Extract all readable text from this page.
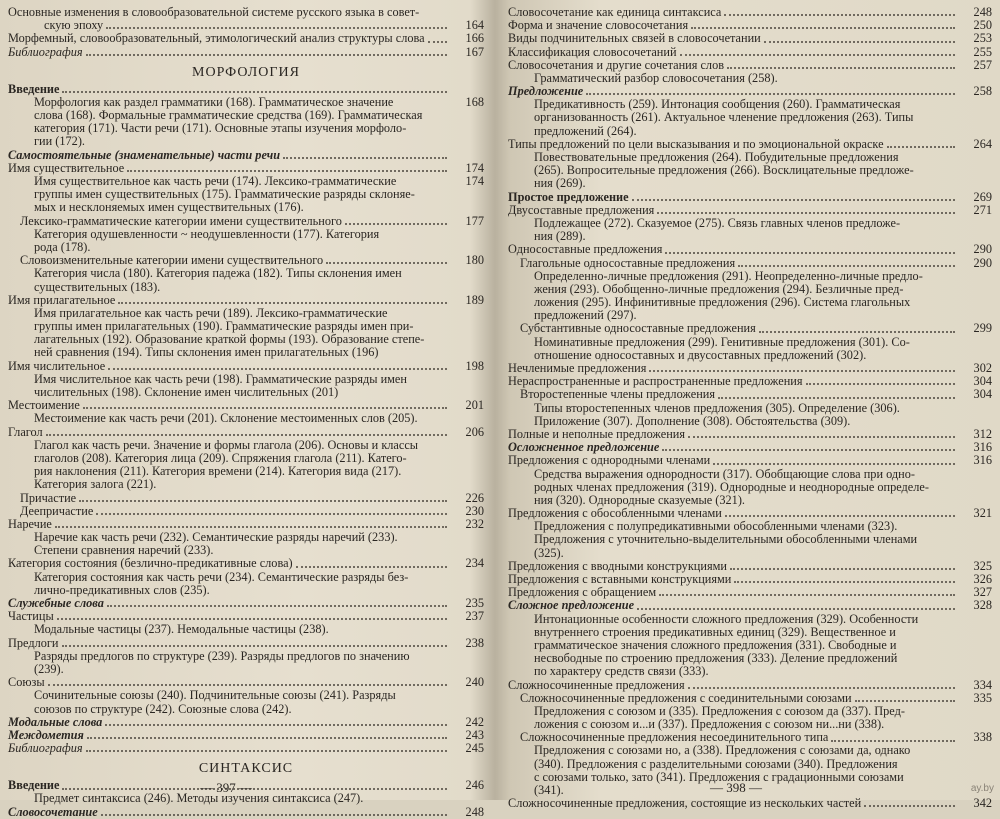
Основные изменения в словообразовательной системе русского языка в совет-
скую эпоху	164
Морфемный, словообразовательный, этимологический анализ структуры слова	166
Библиография	167
МОРФОЛОГИЯ
Введение
Морфология как раздел грамматики (168). Грамматическое значение	168
слова (168). Формальные грамматические средства (169). Грамматическая
категория (171). Части речи (171). Основные этапы изучения морфоло-
гии (172).
Самостоятельные (знаменательные) части речи
Имя существительное	174
Имя существительное как часть речи (174). Лексико-грамматические	174
группы имен существительных (175). Грамматические разряды склоняе-
мых и несклоняемых имен существительных (176).
Лексико-грамматические категории имени существительного	177
Категория одушевленности ~ неодушевленности (177). Категория
рода (178).
Словоизменительные категории имени существительного	180
Категория числа (180). Категория падежа (182). Типы склонения имен
существительных (183).
Имя прилагательное	189
Имя прилагательное как часть речи (189). Лексико-грамматические
группы имен прилагательных (190). Грамматические разряды имен при-
лагательных (192). Образование краткой формы (193). Образование степе-
ней сравнения (194). Типы склонения имен прилагательных (196)
Имя числительное	198
Имя числительное как часть речи (198). Грамматические разряды имен
числительных (198). Склонение имен числительных (201)
Местоимение	201
Местоимение как часть речи (201). Склонение местоименных слов (205).
Глагол	206
Глагол как часть речи. Значение и формы глагола (206). Основы и классы
глаголов (208). Категория лица (209). Спряжения глагола (211). Катего-
рия наклонения (211). Категория времени (214). Категория вида (217).
Категория залога (221).
Причастие	226
Деепричастие	230
Наречие	232
Наречие как часть речи (232). Семантические разряды наречий (233).
Степени сравнения наречий (233).
Категория состояния (безлично-предикативные слова)	234
Категория состояния как часть речи (234). Семантические разряды без-
лично-предикативных слов (235).
Служебные слова	235
Частицы	237
Модальные частицы (237). Немодальные частицы (238).
Предлоги	238
Разряды предлогов по структуре (239). Разряды предлогов по значению
(239).
Союзы	240
Сочинительные союзы (240). Подчинительные союзы (241). Разряды
союзов по структуре (242). Союзные слова (242).
Модальные слова	242
Междометия	243
Библиография	245
СИНТАКСИС
Введение	246
Предмет синтаксиса (246). Методы изучения синтаксиса (247).
Словосочетание	248
— 397 —
Словосочетание как единица синтаксиса	248
Форма и значение словосочетания	250
Виды подчинительных связей в словосочетании	253
Классификация словосочетаний	255
Словосочетания и другие сочетания слов	257
Грамматический разбор словосочетания (258).
Предложение	258
Предикативность (259). Интонация сообщения (260). Грамматическая
организованность (261). Актуальное членение предложения (263). Типы
предложений (264).
Типы предложений по цели высказывания и по эмоциональной окраске	264
Повествовательные предложения (264). Побудительные предложения
(265). Вопросительные предложения (266). Восклицательные предложе-
ния (269).
Простое предложение	269
Двусоставные предложения	271
Подлежащее (272). Сказуемое (275). Связь главных членов предложе-
ния (289).
Односоставные предложения	290
Глагольные односоставные предложения	290
Определенно-личные предложения (291). Неопределенно-личные предло-
жения (293). Обобщенно-личные предложения (294). Безличные пред-
ложения (295). Инфинитивные предложения (296). Система глагольных
предложений (297).
Субстантивные односоставные предложения	299
Номинативные предложения (299). Генитивные предложения (301). Со-
отношение односоставных и двусоставных предложений (302).
Нечленимые предложения	302
Нераспространенные и распространенные предложения	304
Второстепенные члены предложения	304
Типы второстепенных членов предложения (305). Определение (306).
Приложение (307). Дополнение (308). Обстоятельства (309).
Полные и неполные предложения	312
Осложненное предложение	316
Предложения с однородными членами	316
Средства выражения однородности (317). Обобщающие слова при одно-
родных членах предложения (319). Однородные и неоднородные определе-
ния (320). Однородные сказуемые (321).
Предложения с обособленными членами	321
Предложения с полупредикативными обособленными членами (323).
Предложения с уточнительно-выделительными обособленными членами
(325).
Предложения с вводными конструкциями	325
Предложения с вставными конструкциями	326
Предложения с обращением	327
Сложное предложение	328
Интонационные особенности сложного предложения (329). Особенности
внутреннего строения предикативных единиц (329). Вещественное и
грамматическое значения сложного предложения (331). Свободные и
несвободные по строению предложения (333). Деление предложений
по характеру средств связи (333).
Сложносочиненные предложения	334
Сложносочиненные предложения с соединительными союзами	335
Предложения с союзом и (335). Предложения с союзом да (337). Пред-
ложения с союзом и...и (337). Предложения с союзом ни...ни (338).
Сложносочиненные предложения несоединительного типа	338
Предложения с союзами но, а (338). Предложения с союзами да, однако
(340). Предложения с разделительными союзами (340). Предложения
с союзами только, зато (341). Предложения с градационными союзами
(341).
Сложносочиненные предложения, состоящие из нескольких частей	342
— 398 —	ay.by
